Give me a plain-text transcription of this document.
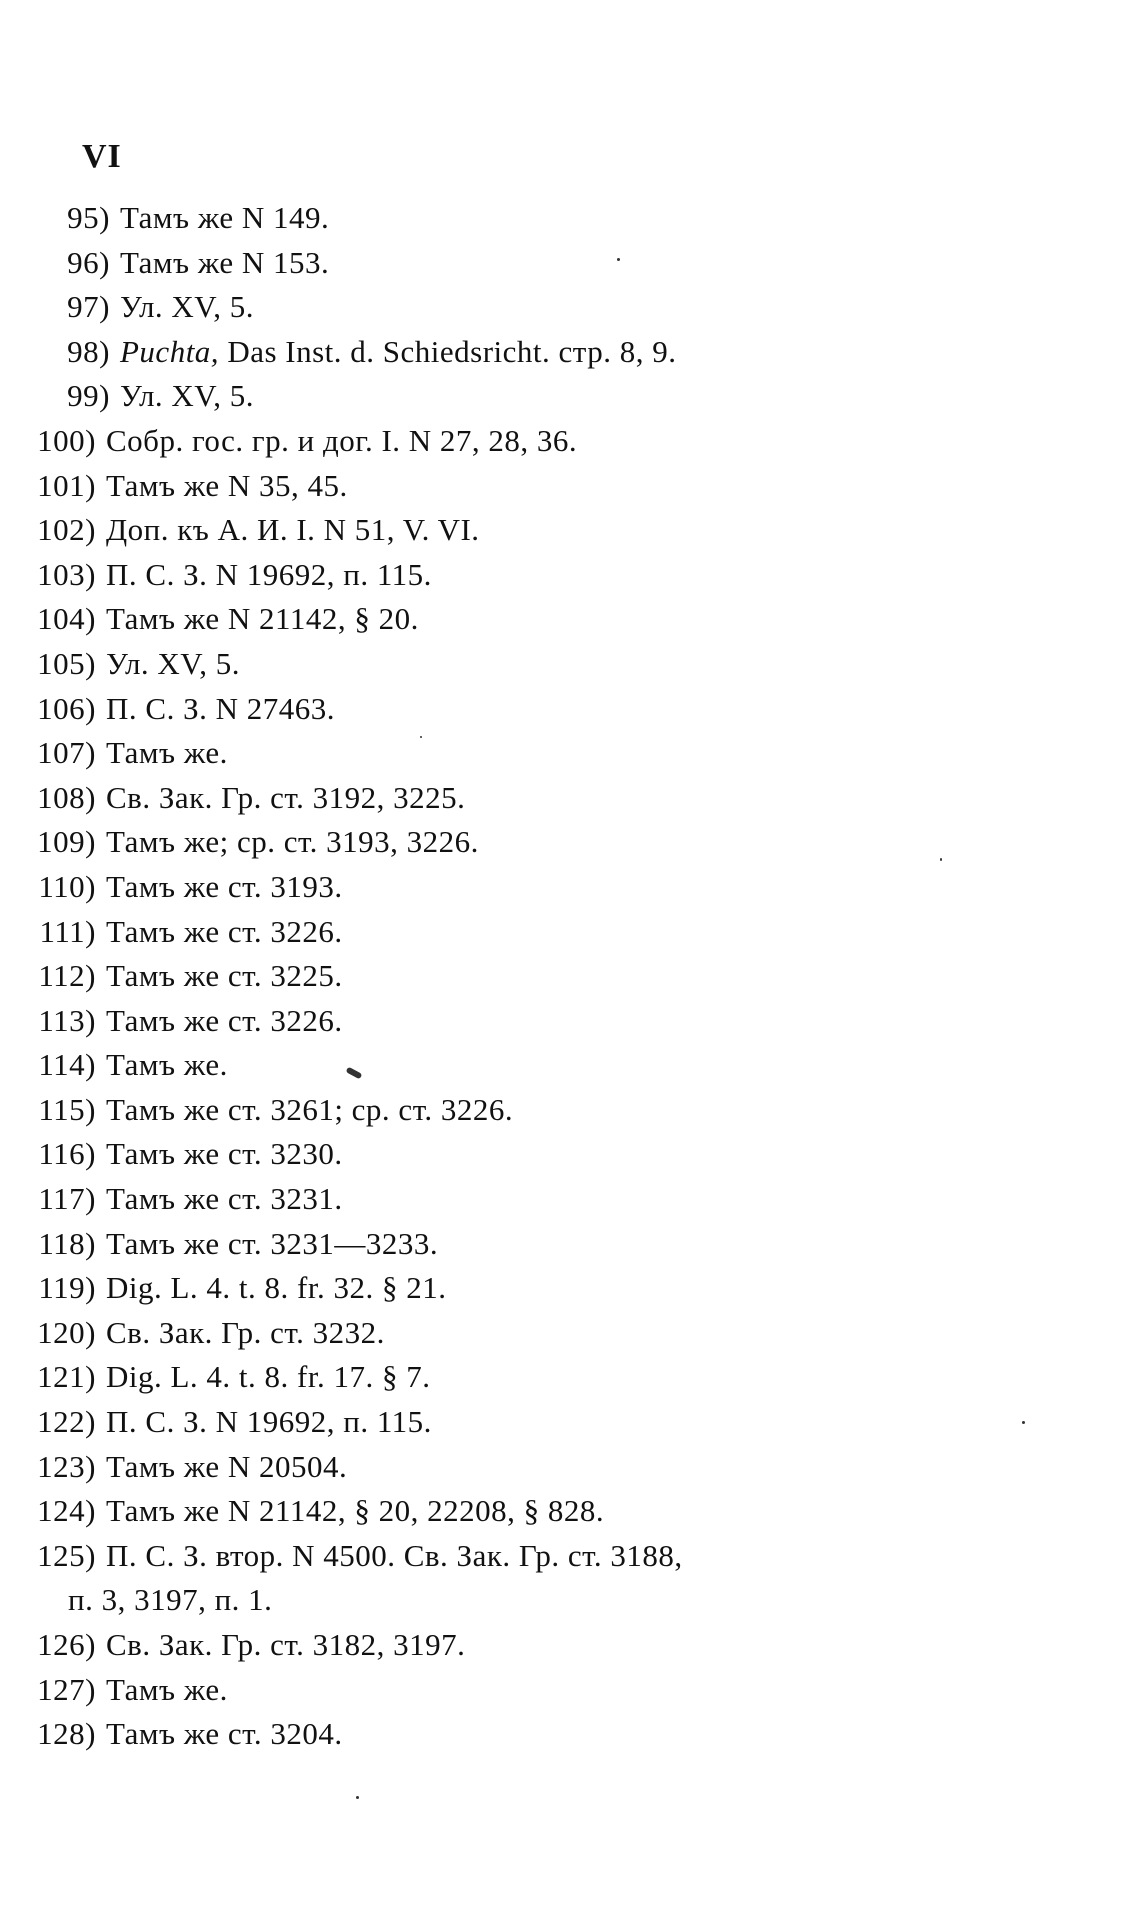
VI
95) Тамъ же N 149.
96) Тамъ же N 153.
97) Ул. XV, 5.
98) Puchta, Das Inst. d. Schiedsricht. стр. 8, 9.
99) Ул. XV, 5.
100) Собр. гос. гр. и дог. I. N 27, 28, 36.
101) Тамъ же N 35, 45.
102) Доп. къ А. И. I. N 51, V. VI.
103) П. С. З. N 19692, п. 115.
104) Тамъ же N 21142, § 20.
105) Ул. XV, 5.
106) П. С. З. N 27463.
107) Тамъ же.
108) Св. Зак. Гр. ст. 3192, 3225.
109) Тамъ же; ср. ст. 3193, 3226.
110) Тамъ же ст. 3193.
111) Тамъ же ст. 3226.
112) Тамъ же ст. 3225.
113) Тамъ же ст. 3226.
114) Тамъ же.
115) Тамъ же ст. 3261; ср. ст. 3226.
116) Тамъ же ст. 3230.
117) Тамъ же ст. 3231.
118) Тамъ же ст. 3231—3233.
119) Dig. L. 4. t. 8. fr. 32. § 21.
120) Св. Зак. Гр. ст. 3232.
121) Dig. L. 4. t. 8. fr. 17. § 7.
122) П. С. З. N 19692, п. 115.
123) Тамъ же N 20504.
124) Тамъ же N 21142, § 20, 22208, § 828.
125) П. С. З. втор. N 4500. Св. Зак. Гр. ст. 3188,
п. 3, 3197, п. 1.
126) Св. Зак. Гр. ст. 3182, 3197.
127) Тамъ же.
128) Тамъ же ст. 3204.
